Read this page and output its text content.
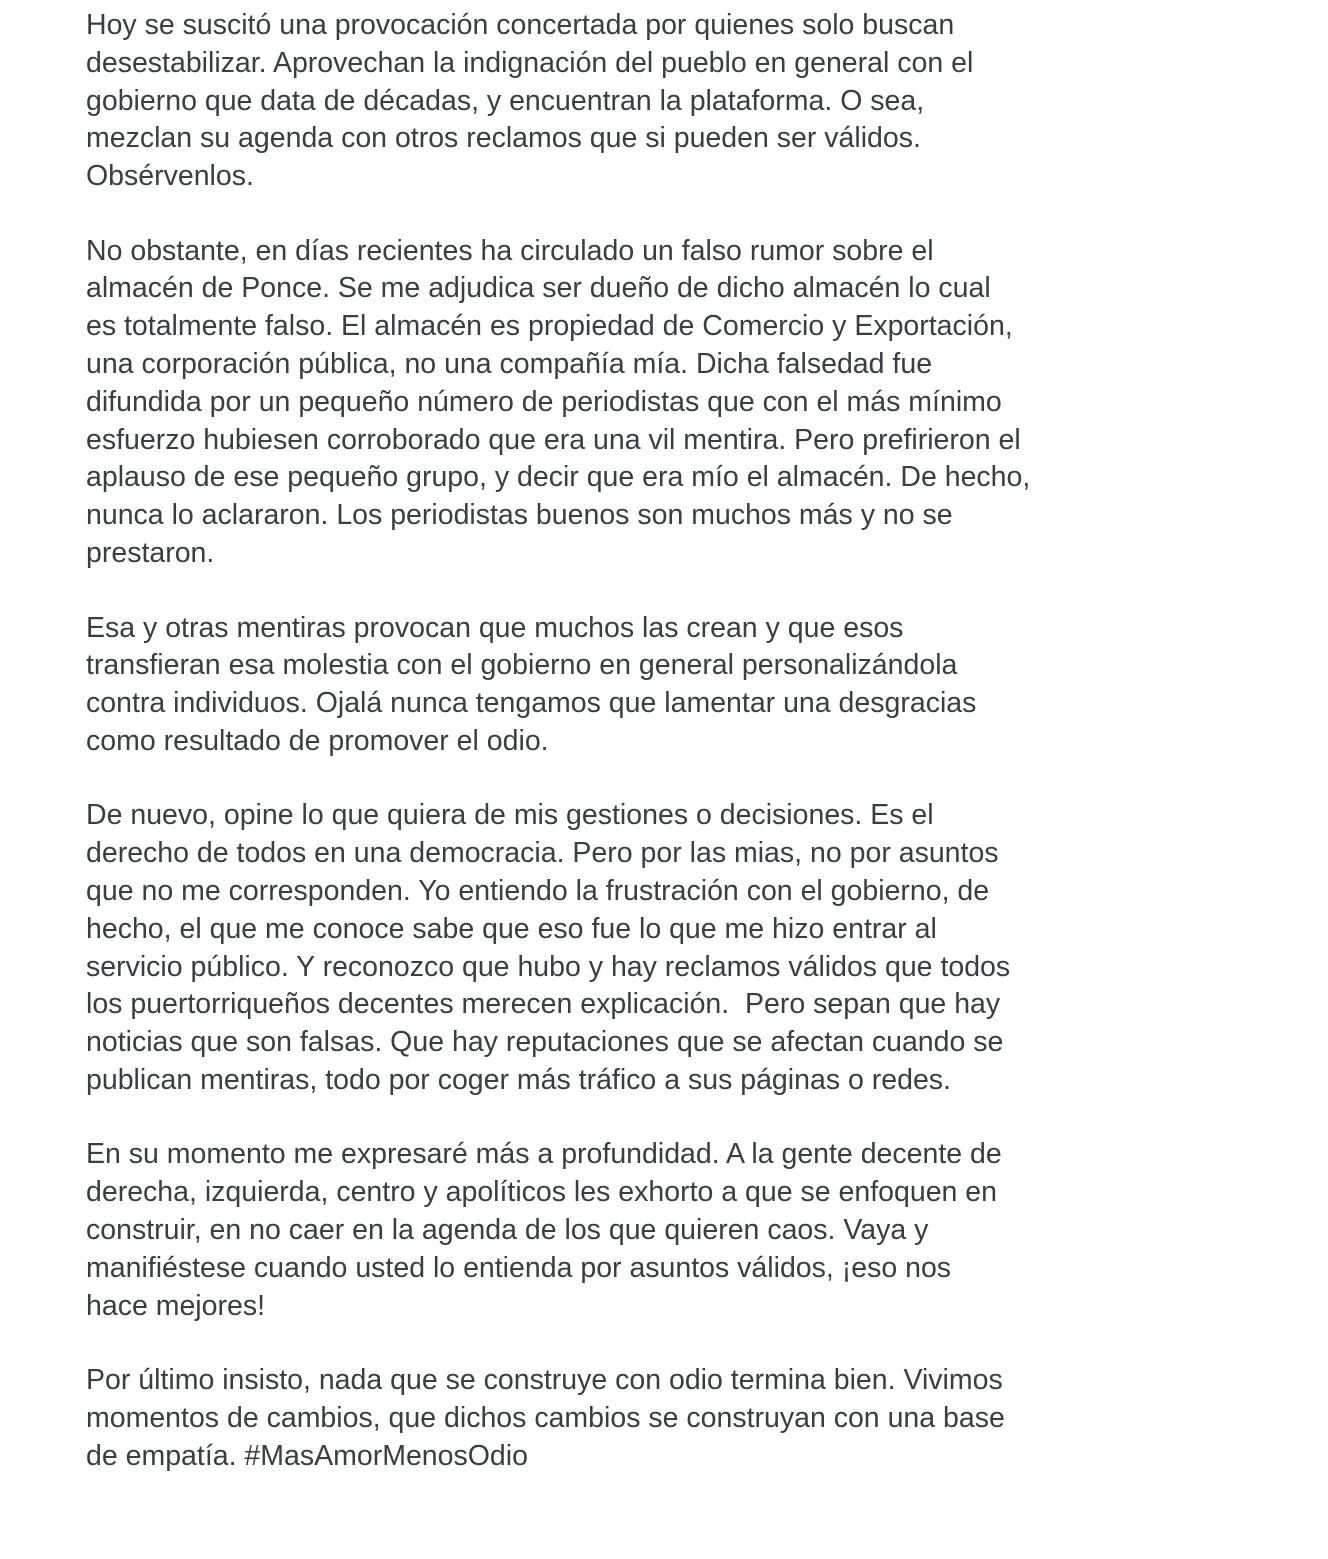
Hoy se suscitó una provocación concertada por quienes solo buscan
desestabilizar. Aprovechan la indignación del pueblo en general con el
gobierno que data de décadas, y encuentran la plataforma. O sea,
mezclan su agenda con otros reclamos que si pueden ser válidos.
Obsérvenlos.

No obstante, en días recientes ha circulado un falso rumor sobre el
almacén de Ponce. Se me adjudica ser dueño de dicho almacén lo cual
es totalmente falso. El almacén es propiedad de Comercio y Exportación,
una corporación pública, no una compañía mía. Dicha falsedad fue
difundida por un pequeño número de periodistas que con el más mínimo
esfuerzo hubiesen corroborado que era una vil mentira. Pero prefirieron el
aplauso de ese pequeño grupo, y decir que era mío el almacén. De hecho,
nunca lo aclararon. Los periodistas buenos son muchos más y no se
prestaron.

Esa y otras mentiras provocan que muchos las crean y que esos
transfieran esa molestia con el gobierno en general personalizándola
contra individuos. Ojalá nunca tengamos que lamentar una desgracias
como resultado de promover el odio.

De nuevo, opine lo que quiera de mis gestiones o decisiones. Es el
derecho de todos en una democracia. Pero por las mias, no por asuntos
que no me corresponden. Yo entiendo la frustración con el gobierno, de
hecho, el que me conoce sabe que eso fue lo que me hizo entrar al
servicio público. Y reconozco que hubo y hay reclamos válidos que todos
los puertorriqueños decentes merecen explicación.  Pero sepan que hay
noticias que son falsas. Que hay reputaciones que se afectan cuando se
publican mentiras, todo por coger más tráfico a sus páginas o redes.

En su momento me expresaré más a profundidad. A la gente decente de
derecha, izquierda, centro y apolíticos les exhorto a que se enfoquen en
construir, en no caer en la agenda de los que quieren caos. Vaya y
manifiéstese cuando usted lo entienda por asuntos válidos, ¡eso nos
hace mejores!

Por último insisto, nada que se construye con odio termina bien. Vivimos
momentos de cambios, que dichos cambios se construyan con una base
de empatía. #MasAmorMenosOdio
